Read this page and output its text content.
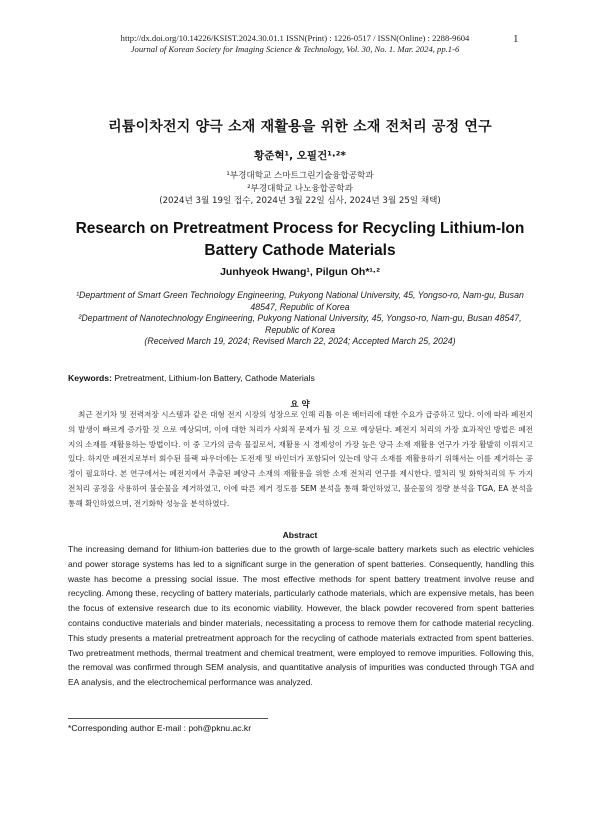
http://dx.doi.org/10.14226/KSIST.2024.30.01.1 ISSN(Print) : 1226-0517 / ISSN(Online) : 2288-9604
Journal of Korean Society for Imaging Science & Technology, Vol. 30, No. 1. Mar. 2024, pp.1-6
1
리튬이차전지 양극 소재 재활용을 위한 소재 전처리 공정 연구
황준혁¹, 오필건¹·²*
¹부경대학교 스마트그린기술융합공학과
²부경대학교 나노융합공학과
(2024년 3월 19일 접수, 2024년 3월 22일 심사, 2024년 3월 25일 채택)
Research on Pretreatment Process for Recycling Lithium-Ion Battery Cathode Materials
Junhyeok Hwang¹, Pilgun Oh*¹·²
¹Department of Smart Green Technology Engineering, Pukyong National University, 45, Yongso-ro, Nam-gu, Busan 48547, Republic of Korea
²Department of Nanotechnology Engineering, Pukyong National University, 45, Yongso-ro, Nam-gu, Busan 48547, Republic of Korea
(Received March 19, 2024; Revised March 22, 2024; Accepted March 25, 2024)
Keywords: Pretreatment, Lithium-Ion Battery, Cathode Materials
요 약

최근 전기차 및 전력저장 시스템과 같은 대형 전지 시장의 성장으로 인해 리튬 이온 배터리에 대한 수요가 급증하고 있다. 이에 따라 폐전지의 발생이 빠르게 증가할 것 으로 예상되며, 이에 대한 처리가 사회적 문제가 될 것 으로 예상된다. 폐전지 처리의 가장 효과적인 방법은 폐전지의 소재를 재활용하는 방법이다. 이 중 고가의 금속 물질로서, 재활용 시 경제성이 가장 높은 양극 소재 재활용 연구가 가장 활발히 이뤄지고 있다. 하지만 폐전지로부터 회수된 블랙 파우더에는 도전재 및 바인더가 포함되어 있는데 양극 소재를 재활용하기 위해서는 이를 제거하는 공정이 필요하다. 본 연구에서는 폐전지에서 추출된 폐양극 소재의 재활용을 위한 소재 전처리 연구를 제시한다. 열처리 및 화학처리의 두 가지 전처리 공정을 사용하여 불순물을 제거하였고, 이에 따른 제거 정도를 SEM 분석을 통해 확인하였고, 불순물의 정량 분석을 TGA, EA 분석을 통해 확인하였으며, 전기화학 성능을 분석하였다.

Abstract

The increasing demand for lithium-ion batteries due to the growth of large-scale battery markets such as electric vehicles and power storage systems has led to a significant surge in the generation of spent batteries. Consequently, handling this waste has become a pressing social issue. The most effective methods for spent battery treatment involve reuse and recycling. Among these, recycling of battery materials, particularly cathode materials, which are expensive metals, has been the focus of extensive research due to its economic viability. However, the black powder recovered from spent batteries contains conductive materials and binder materials, necessitating a process to remove them for cathode material recycling. This study presents a material pretreatment approach for the recycling of cathode materials extracted from spent batteries. Two pretreatment methods, thermal treatment and chemical treatment, were employed to remove impurities. Following this, the removal was confirmed through SEM analysis, and quantitative analysis of impurities was conducted through TGA and EA analysis, and the electrochemical performance was analyzed.

*Corresponding author E-mail : poh@pknu.ac.kr
